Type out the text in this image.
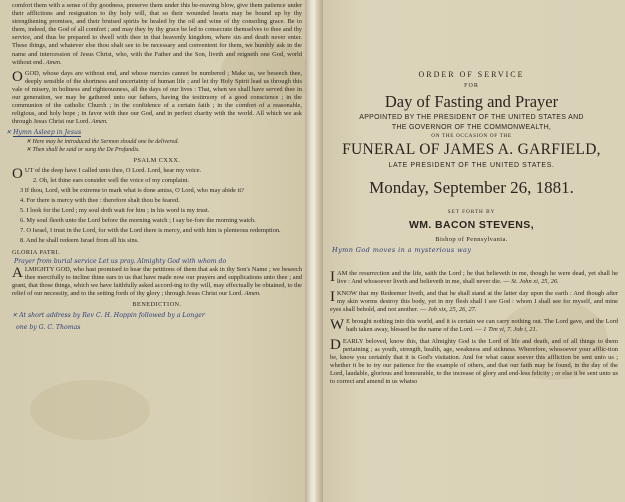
comfort them with a sense of thy goodness, preserve them under this be-reaving blow, give them patience under their afflictions and resignation to thy holy will, that so their wounded hearts may be bound up by thy strengthening promises, and their bruised spirits be healed by the oil and wine of thy consoling grace. Be to them, indeed, the God of all comfort ; and may they by thy grace be led to consecrate themselves to thee and thy service, and thus be prepared to dwell with thee in that heavenly kingdom, where sin and death never enter. These things, and whatever else thou shalt see to be necessary and convenient for them, we humbly ask in the name and intercession of Jesus Christ, who, with the Father and the Son, liveth and reigneth one God, world without end. Amen.

OGOD, whose days are without end, and whose mercies cannot be numbered ; Make us, we beseech thee, deeply sensible of the shortness and uncertainty of human life ; and let thy Holy Spirit lead us through this vale of misery, in holiness and righteousness, all the days of our lives : That, when we shall have served thee in our generation, we may be gathered unto our fathers, having the testimony of a good conscience ; in the communion of the catholic Church ; in the confidence of a certain faith ; in the comfort of a reasonable, religious, and holy hope ; in favor with thee our God, and in perfect charity with the world. All which we ask through Jesus Christ our Lord. Amen.

✕ Hymn Asleep in Jesus
✕ Here may be introduced the Sermon should one be delivered.
✕ Then shall be said or sung the De Profundis.
PSALM CXXX.

OUT of the deep have I called unto thee, O Lord. Lord, hear my voice.

2. Oh, let thine ears consider well the voice of my complaint.

3 If thou, Lord, wilt be extreme to mark what is done amiss, O Lord, who may abide it?

4. For there is mercy with thee : therefore shalt thou be feared.

5. I look for the Lord ; my soul doth wait for him ; in his word is my trust.

6. My soul fleeth unto the Lord before the morning watch ; I say be-fore the morning watch.

7. O Israel, I trust in the Lord, for with the Lord there is mercy, and with him is plenteous redemption.

8. And he shall redeem Israel from all his sins.

GLORIA PATRI.
Prayer from burial service Let us pray. Almighty God with whom do

ALMIGHTY GOD, who hast promised to hear the petitions of them that ask in thy Son's Name ; we beseech thee mercifully to incline thine ears to us that have made now our prayers and supplications unto thee ; and grant, that those things, which we have faithfully asked accord-ing to thy will, may effectually be obtained, to the relief of our necessity, and to the setting forth of thy glory ; through Jesus Christ our Lord. Amen.

BENEDICTION.
✕ At short address by Rev C. H. Hoppin followed by a Longer
one by G. C. Thomas
ORDER OF SERVICE
FOR
Day of Fasting and Prayer
APPOINTED BY THE PRESIDENT OF THE UNITED STATES AND
THE GOVERNOR OF THE COMMONWEALTH,
ON THE OCCASION OF THE
FUNERAL OF JAMES A. GARFIELD,
LATE PRESIDENT OF THE UNITED STATES.
Monday, September 26, 1881.
SET FORTH BY
WM. BACON STEVENS,
Bishop of Pennsylvania.
Hymn God moves in a mysterious way

IAM the resurrection and the life, saith the Lord ; he that believeth in me, though he were dead, yet shall he live : And whosoever liveth and believeth in me, shall never die. — St. John xi, 25, 26.

IKNOW that my Redeemer liveth, and that he shall stand at the latter day upon the earth : And though after my skin worms destroy this body, yet in my flesh shall I see God : whom I shall see for myself, and mine eyes shall behold, and not another. — Job xix, 25, 26, 27.

W E brought nothing into this world, and it is certain we can carry nothing out. The Lord gave, and the Lord hath taken away, blessed be the name of the Lord. — 1 Tim vi, 7. Job i, 21.

DEARLY beloved, know this, that Almighty God is the Lord of life and death, and of all things to them pertaining ; as youth, strength, health, age, weakness and sickness. Wherefore, whosoever your afflic-tion be, know you certainly that it is God's visitation. And for what cause soever this affliction be sent unto us ; whether it be to try our patience for the example of others, and that our faith may be found, in the day of the Lord, laudable, glorious and honourable, to the increase of glory and end-less felicity ; or else it be sent unto us to correct and amend in us whatso
